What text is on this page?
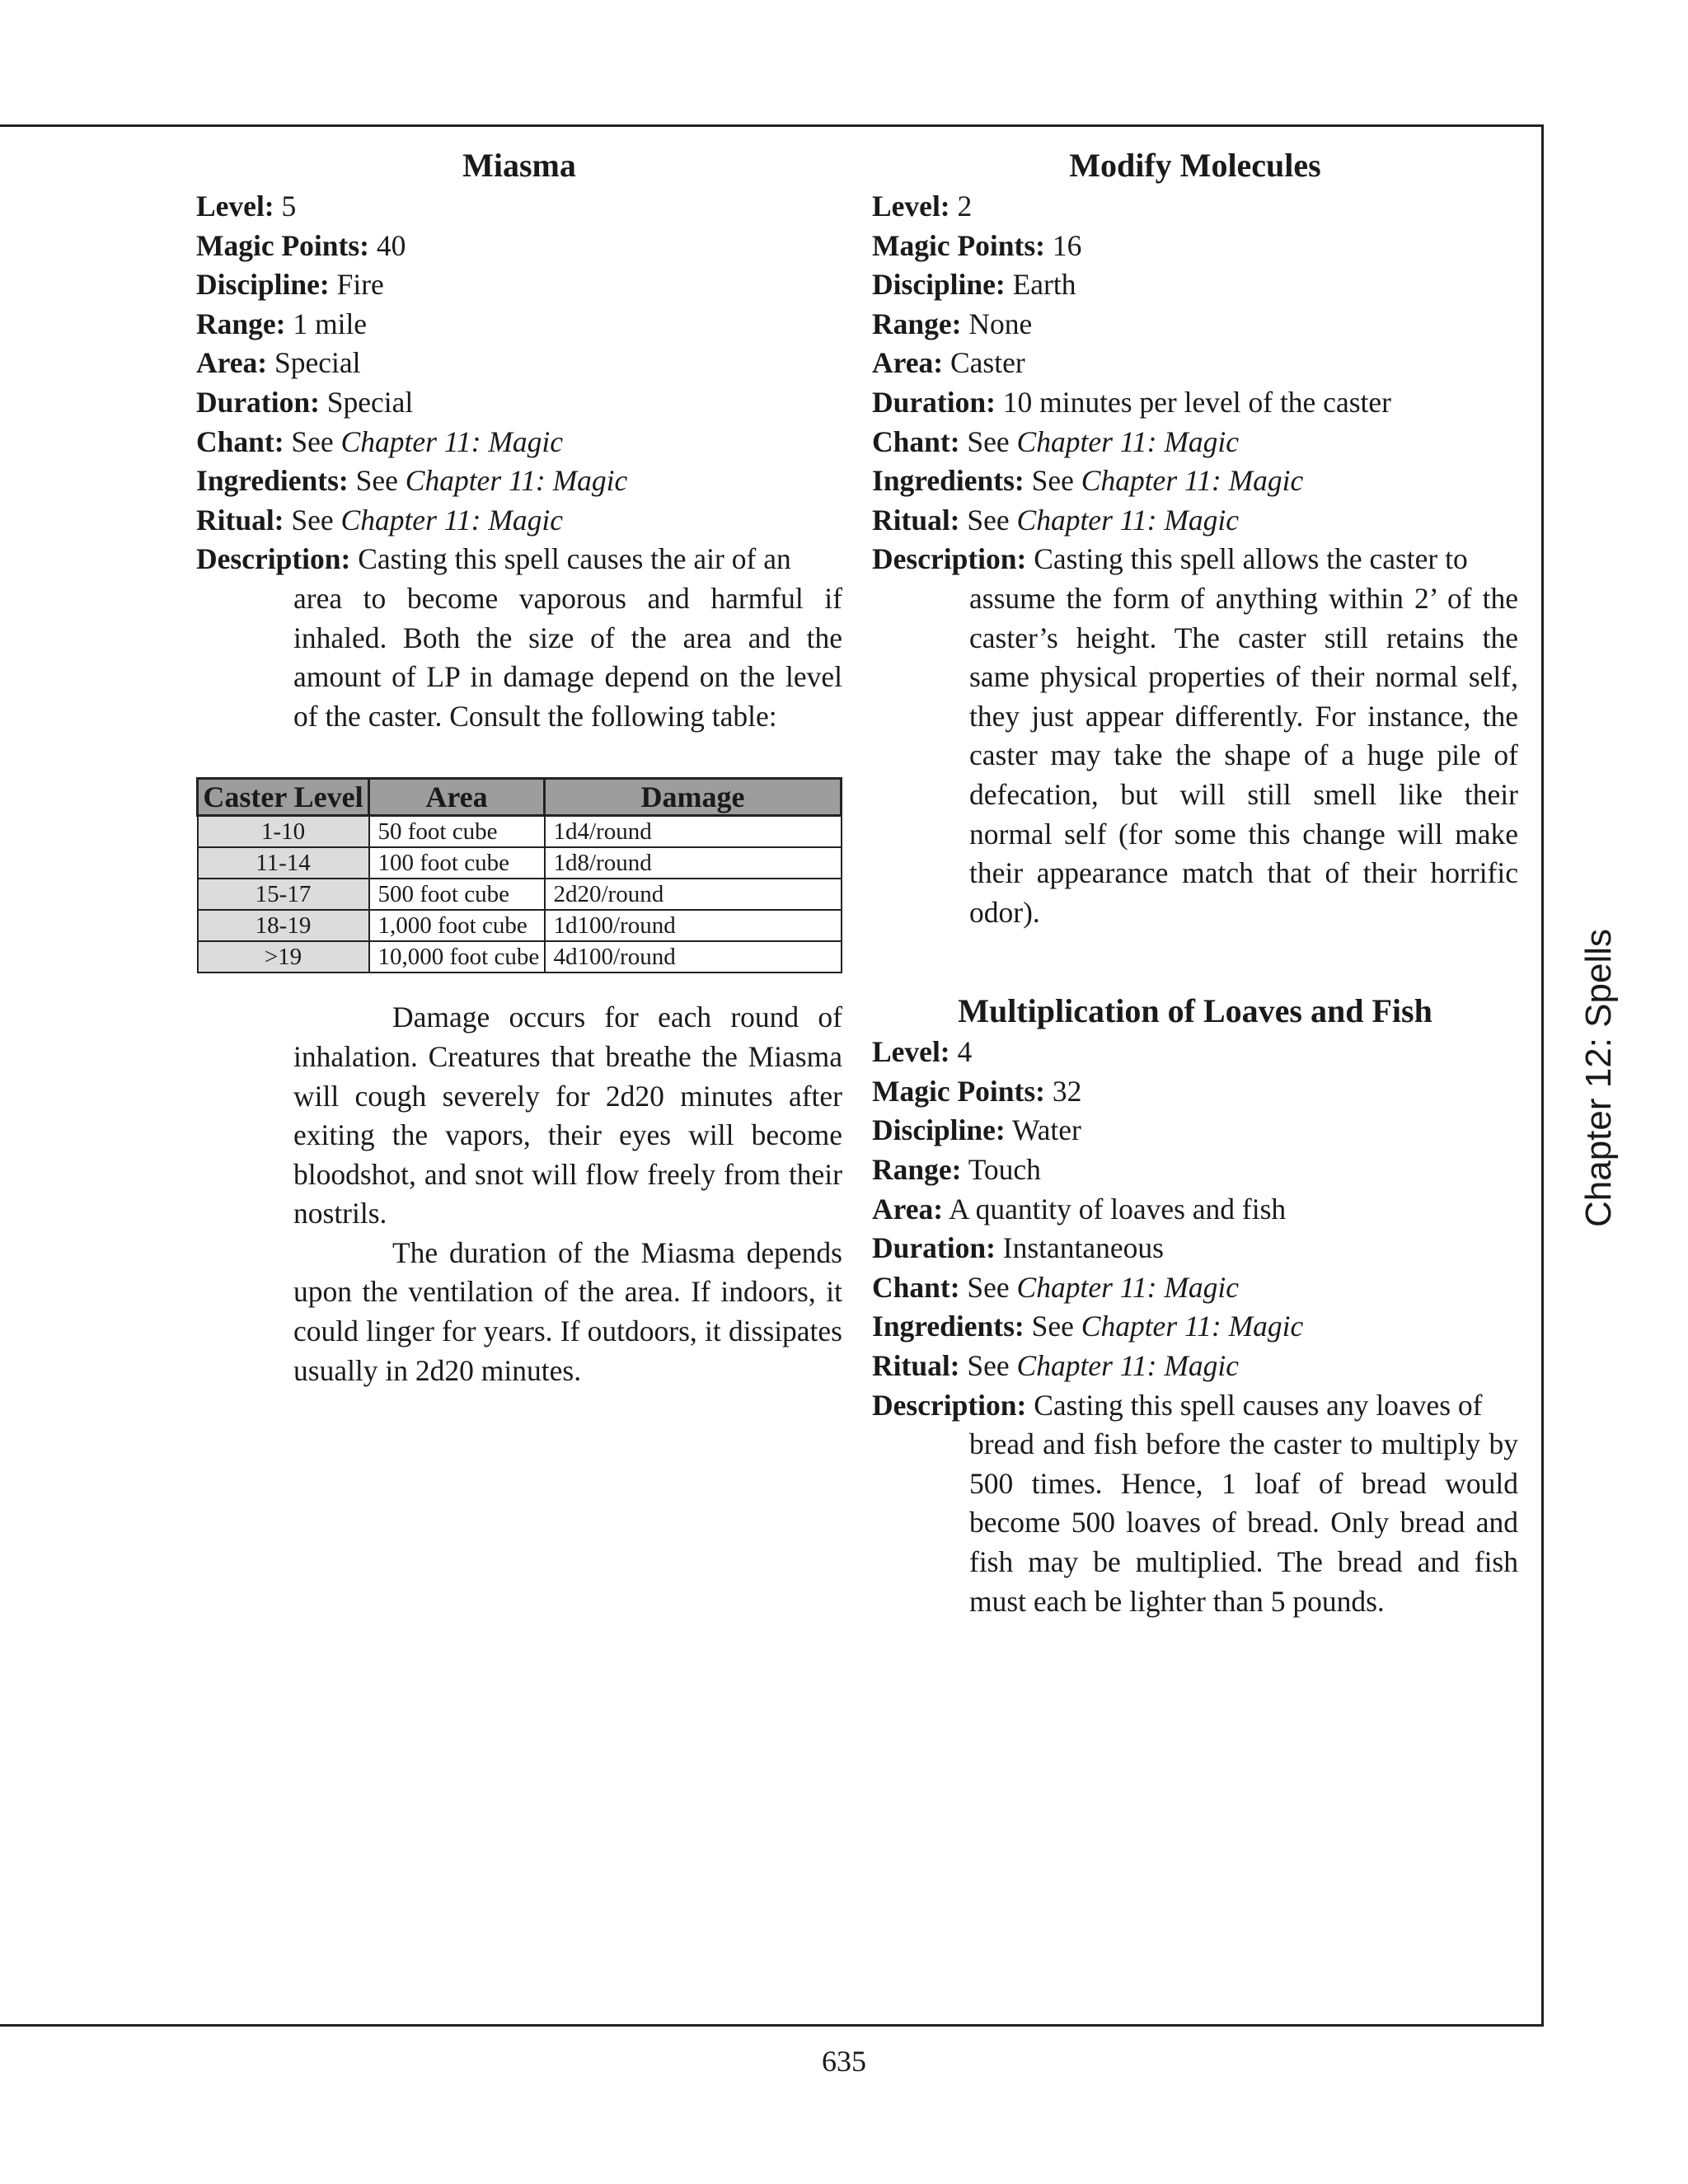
Miasma

Level: 5

Magic Points: 40

Discipline: Fire

Range: 1 mile

Area: Special

Duration: Special

Chant: See Chapter 11: Magic

Ingredients: See Chapter 11: Magic

Ritual: See Chapter 11: Magic

Description: Casting this spell causes the air of an

area to become vaporous and harmful if inhaled. Both the size of the area and the amount of LP in damage depend on the level of the caster. Consult the following table:

Caster Level	Area	Damage
1-10	50 foot cube	1d4/round
11-14	100 foot cube	1d8/round
15-17	500 foot cube	2d20/round
18-19	1,000 foot cube	1d100/round
>19	10,000 foot cube	4d100/round

Damage occurs for each round of inhalation. Creatures that breathe the Miasma will cough severely for 2d20 minutes after exiting the vapors, their eyes will become bloodshot, and snot will flow freely from their nostrils.

The duration of the Miasma depends upon the ventilation of the area. If indoors, it could linger for years. If outdoors, it dissipates usually in 2d20 minutes.

Modify Molecules

Level: 2

Magic Points: 16

Discipline: Earth

Range: None

Area: Caster

Duration: 10 minutes per level of the caster

Chant: See Chapter 11: Magic

Ingredients: See Chapter 11: Magic

Ritual: See Chapter 11: Magic

Description: Casting this spell allows the caster to

assume the form of anything within 2’ of the caster’s height. The caster still retains the same physical properties of their normal self, they just appear differently. For instance, the caster may take the shape of a huge pile of defecation, but will still smell like their normal self (for some this change will make their appearance match that of their horrific odor).

Multiplication of Loaves and Fish

Level: 4

Magic Points: 32

Discipline: Water

Range: Touch

Area: A quantity of loaves and fish

Duration: Instantaneous

Chant: See Chapter 11: Magic

Ingredients: See Chapter 11: Magic

Ritual: See Chapter 11: Magic

Description: Casting this spell causes any loaves of

bread and fish before the caster to multiply by 500 times. Hence, 1 loaf of bread would become 500 loaves of bread. Only bread and fish may be multiplied. The bread and fish must each be lighter than 5 pounds.

Chapter 12: Spells
635
